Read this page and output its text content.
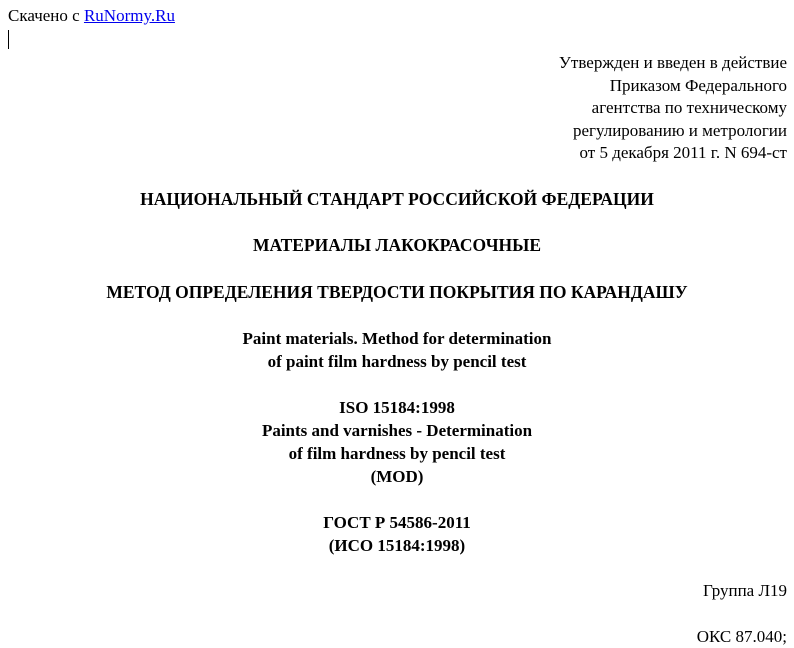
Скачено с RuNormy.Ru
Утвержден и введен в действие
Приказом Федерального
агентства по техническому
регулированию и метрологии
от 5 декабря 2011 г. N 694-ст
НАЦИОНАЛЬНЫЙ СТАНДАРТ РОССИЙСКОЙ ФЕДЕРАЦИИ
МАТЕРИАЛЫ ЛАКОКРАСОЧНЫЕ
МЕТОД ОПРЕДЕЛЕНИЯ ТВЕРДОСТИ ПОКРЫТИЯ ПО КАРАНДАШУ
Paint materials. Method for determination
of paint film hardness by pencil test
ISO 15184:1998
Paints and varnishes - Determination
of film hardness by pencil test
(MOD)
ГОСТ Р 54586-2011
(ИСО 15184:1998)
Группа Л19
ОКС 87.040;
